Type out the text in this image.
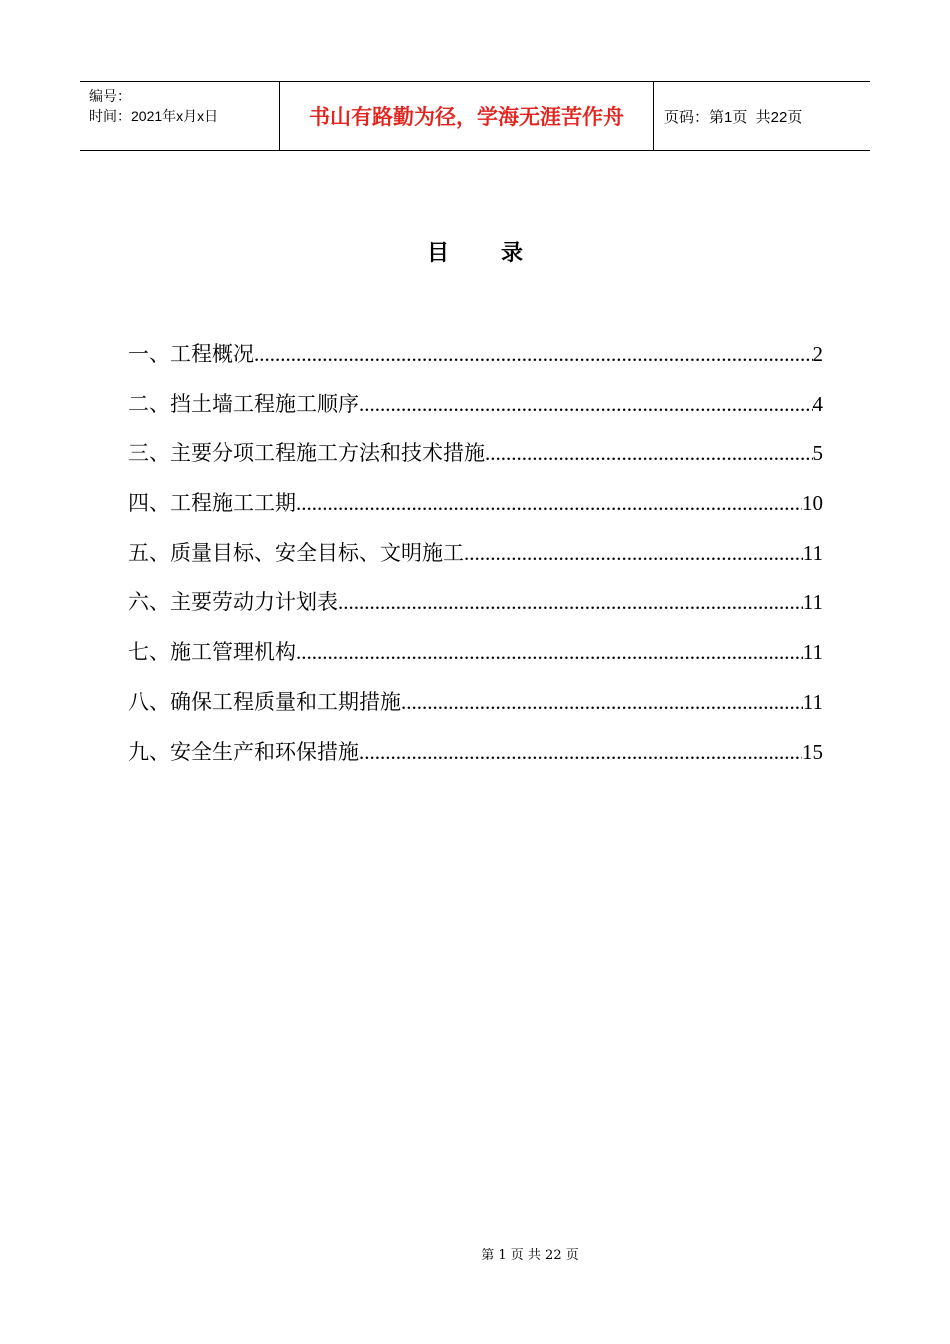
编号：
时间：2021年x月x日	书山有路勤为径，学海无涯苦作舟	页码：第1页  共22页
目录
一、工程概况 .....	2
二、挡土墙工程施工顺序 .....	4
三、主要分项工程施工方法和技术措施 .....	5
四、工程施工工期 .....	10
五、质量目标、安全目标、文明施工 .....	11
六、主要劳动力计划表 .....	11
七、施工管理机构 .....	11
八、确保工程质量和工期措施 .....	11
九、安全生产和环保措施 .....	15
第 1 页 共 22 页
